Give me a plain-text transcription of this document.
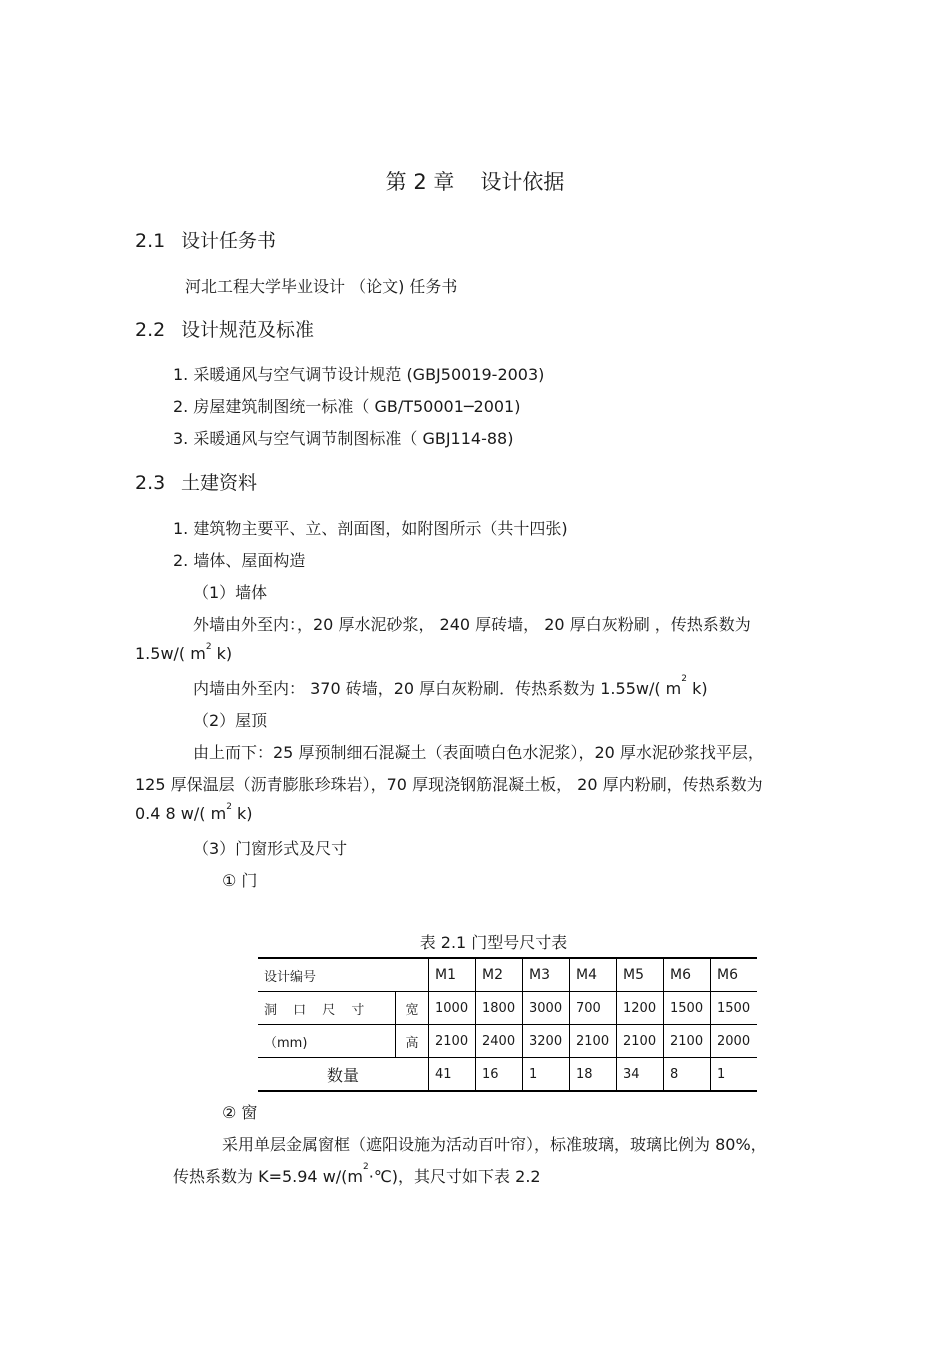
第 2 章 设计依据
2.1 设计任务书
河北工程大学毕业设计 （论文) 任务书
2.2 设计规范及标准
1. 采暖通风与空气调节设计规范 (GBJ50019-2003)
2. 房屋建筑制图统一标准（ GB/T50001─2001)
3. 采暖通风与空气调节制图标准（ GBJ114-88)
2.3 土建资料
1. 建筑物主要平、立、剖面图，如附图所示（共十四张)
2. 墙体、屋面构造
（1）墙体
外墙由外至内：，20 厚水泥砂浆， 240 厚砖墙， 20 厚白灰粉刷 ，传热系数为
1.5w/( $m^2$ k)
内墙由外至内： 370 砖墙，20 厚白灰粉刷．传热系数为 1.55w/( $m^2$ k)
（2）屋顶
由上而下：25 厚预制细石混凝土（表面喷白色水泥浆），20 厚水泥砂浆找平层，
125 厚保温层（沥青膨胀珍珠岩），70 厚现浇钢筋混凝土板， 20 厚内粉刷，传热系数为
0.4 8 w/( $m^2$ k)
（3）门窗形式及尺寸
① 门
表 2.1 门型号尺寸表
设计编号		M1	M2	M3	M4	M5	M6	M6
洞 口 尺 寸	宽	1000	1800	3000	700	1200	1500	1500
（mm)	高	2100	2400	3200	2100	2100	2100	2000
数量		41	16	1	18	34	8	1
② 窗
采用单层金属窗框（遮阳设施为活动百叶帘），标准玻璃，玻璃比例为 80%，
传热系数为 K=5.94 $w/(m^2\cdot℃)$，其尺寸如下表 2.2
